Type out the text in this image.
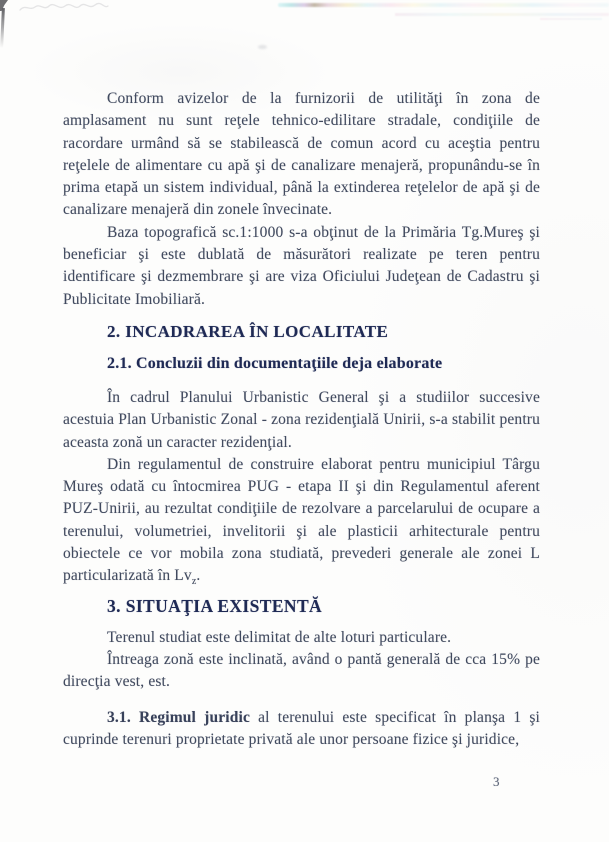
Conform avizelor de la furnizorii de utilităţi în zona de amplasament nu sunt reţele tehnico-edilitare stradale, condiţiile de racordare urmând să se stabilească de comun acord cu aceştia pentru reţelele de alimentare cu apă şi de canalizare menajeră, propunându-se în prima etapă un sistem individual, până la extinderea reţelelor de apă şi de canalizare menajeră din zonele învecinate.

Baza topografică sc.1:1000 s-a obţinut de la Primăria Tg.Mureş şi beneficiar şi este dublată de măsurători realizate pe teren pentru identificare şi dezmembrare şi are viza Oficiului Judeţean de Cadastru şi Publicitate Imobiliară.

2. INCADRAREA ÎN LOCALITATE
2.1. Concluzii din documentaţiile deja elaborate

În cadrul Planului Urbanistic General şi a studiilor succesive acestuia Plan Urbanistic Zonal - zona rezidenţială Unirii, s-a stabilit pentru aceasta zonă un caracter rezidenţial.

Din regulamentul de construire elaborat pentru municipiul Târgu Mureş odată cu întocmirea PUG - etapa II şi din Regulamentul aferent PUZ-Unirii, au rezultat condiţiile de rezolvare a parcelarului de ocupare a terenului, volumetriei, invelitorii şi ale plasticii arhitecturale pentru obiectele ce vor mobila zona studiată, prevederi generale ale zonei L particularizată în $Lv_z$.

3. SITUAŢIA EXISTENTĂ

Terenul studiat este delimitat de alte loturi particulare.

Întreaga zonă este inclinată, având o pantă generală de cca 15% pe direcţia vest, est.

3.1. Regimul juridic al terenului este specificat în planşa 1 şi cuprinde terenuri proprietate privată ale unor persoane fizice şi juridice,

3
